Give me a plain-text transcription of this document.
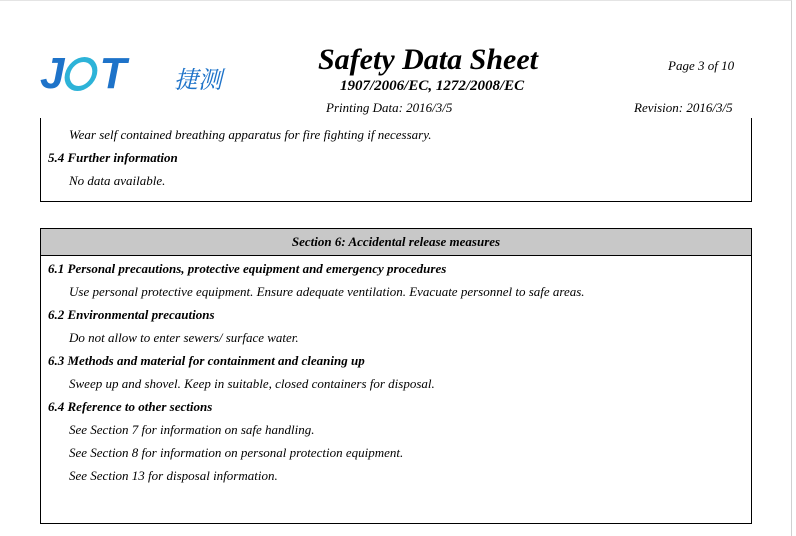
J T 捷测
Safety Data Sheet
1907/2006/EC, 1272/2008/EC
Page 3 of 10
Printing Data: 2016/3/5	Revision: 2016/3/5
Wear self contained breathing apparatus for fire fighting if necessary.
5.4 Further information
No data available.
Section 6: Accidental release measures
6.1 Personal precautions, protective equipment and emergency procedures
Use personal protective equipment. Ensure adequate ventilation. Evacuate personnel to safe areas.
6.2 Environmental precautions
Do not allow to enter sewers/ surface water.
6.3 Methods and material for containment and cleaning up
Sweep up and shovel. Keep in suitable, closed containers for disposal.
6.4 Reference to other sections
See Section 7 for information on safe handling.
See Section 8 for information on personal protection equipment.
See Section 13 for disposal information.
